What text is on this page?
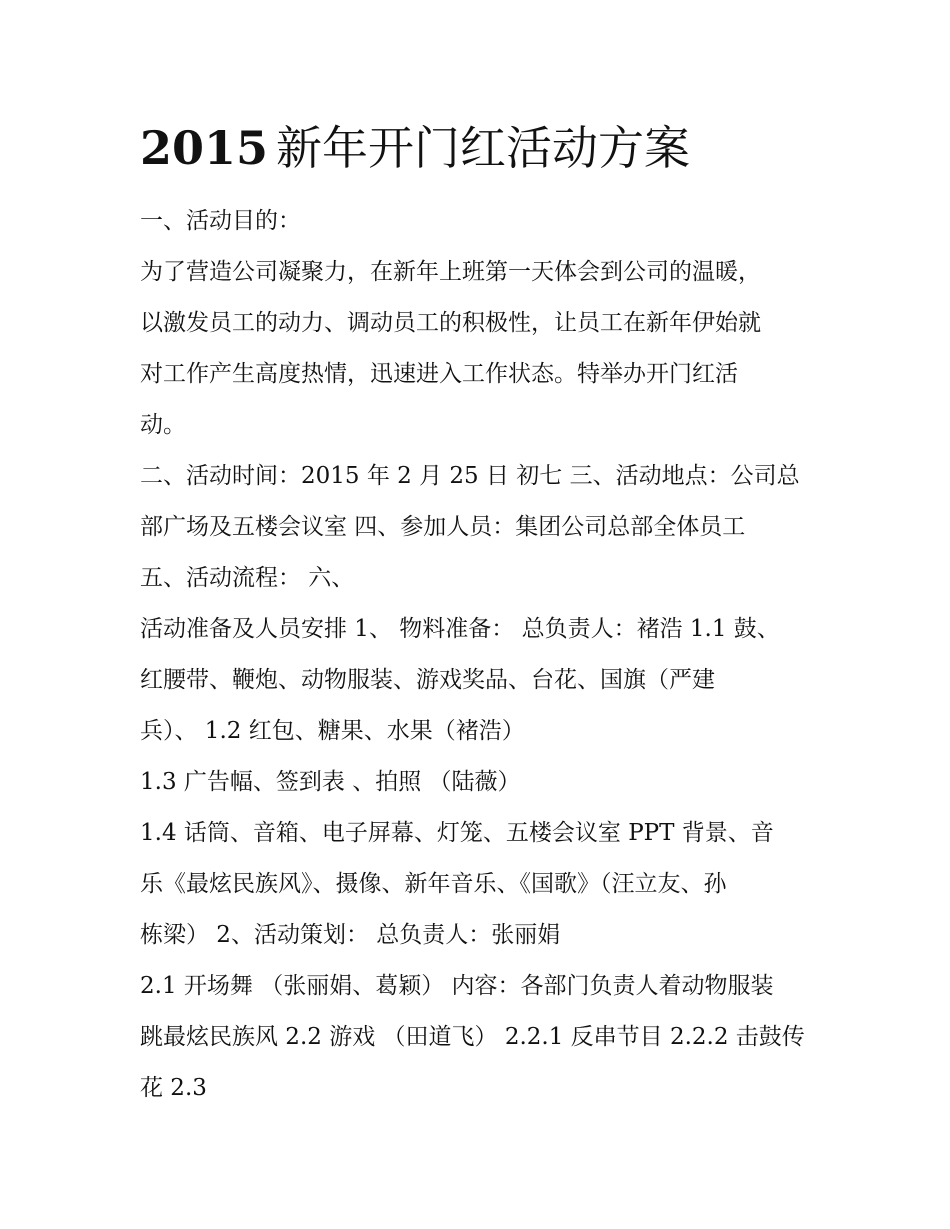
2015 新年开门红活动方案
一、活动目的：
为了营造公司凝聚力，在新年上班第一天体会到公司的温暖，
以激发员工的动力、调动员工的积极性，让员工在新年伊始就
对工作产生高度热情，迅速进入工作状态。特举办开门红活
动。
二、活动时间：2015 年 2 月 25 日 初七 三、活动地点：公司总
部广场及五楼会议室 四、参加人员：集团公司总部全体员工
五、活动流程： 六、
活动准备及人员安排 1、 物料准备： 总负责人：褚浩 1.1 鼓、
红腰带、鞭炮、动物服装、游戏奖品、台花、国旗（严建
兵）、 1.2 红包、糖果、水果（褚浩）
1.3 广告幅、签到表 、拍照 （陆薇）
1.4 话筒、音箱、电子屏幕、灯笼、五楼会议室 PPT 背景、音
乐《最炫民族风》、摄像、新年音乐、《国歌》（汪立友、孙
栋梁） 2、活动策划： 总负责人：张丽娟
2.1 开场舞 （张丽娟、葛颖） 内容：各部门负责人着动物服装
跳最炫民族风 2.2 游戏 （田道飞） 2.2.1 反串节目 2.2.2 击鼓传
花 2.3
